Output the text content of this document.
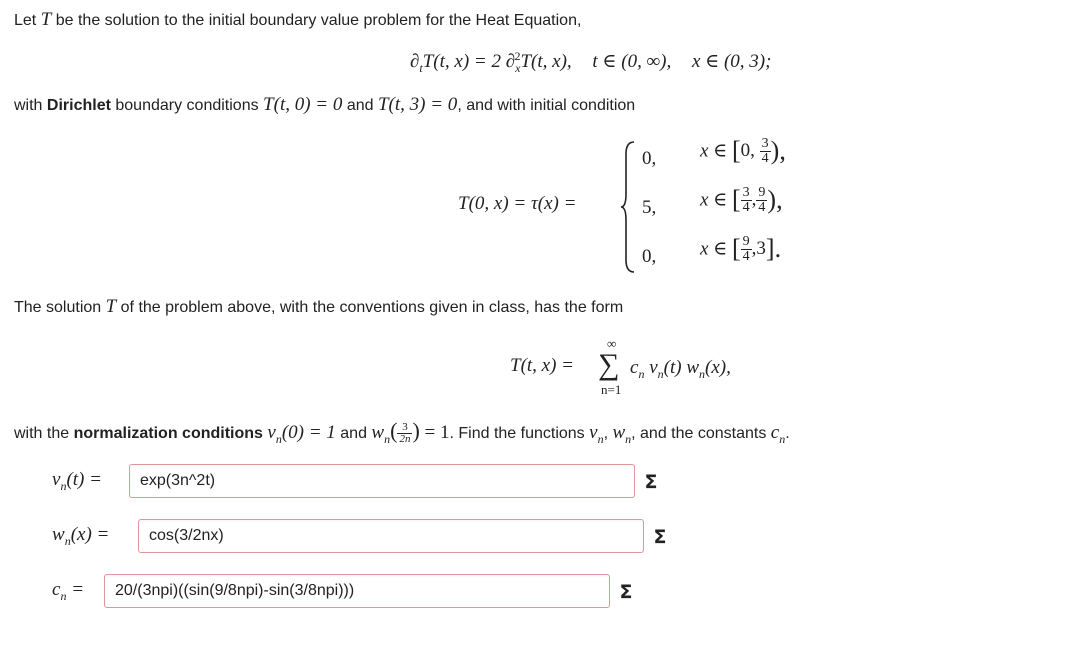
Let T be the solution to the initial boundary value problem for the Heat Equation,
$\partial_tT(t$, x) = 2 $\partial_x^2T(t$, x), t ∈ (0, ∞), x ∈ (0, 3);
with Dirichlet boundary conditions T(t, 0) = 0 and T(t, 3) = 0, and with initial condition
T(0, x) = τ(x) =
0, x ∈ [0, $\frac{3}{4}$ ),
5, x ∈ [ $\frac{3}{4}$ , $\frac{9}{4}$ ),
0, x ∈ [ $\frac{9}{4} ,3$].
The solution T of the problem above, with the conventions given in class, has the form
T(t, x) =
∞
∑
n=1
$c_n$ $v_n(t)$ $w_n(x)$,
with the normalization conditions $v_n(0) = 1$ and $w_n( \frac{3}{2n}$ ) = 1. Find the functions $v_n$, $w_n$, and the constants $c_n$.
$v_n(t)$ =	exp(3n^2t)	Σ
$w_n(x)$ =	cos(3/2nx)	Σ
$c_n$ =	20/(3npi)((sin(9/8npi)-sin(3/8npi)))	Σ
